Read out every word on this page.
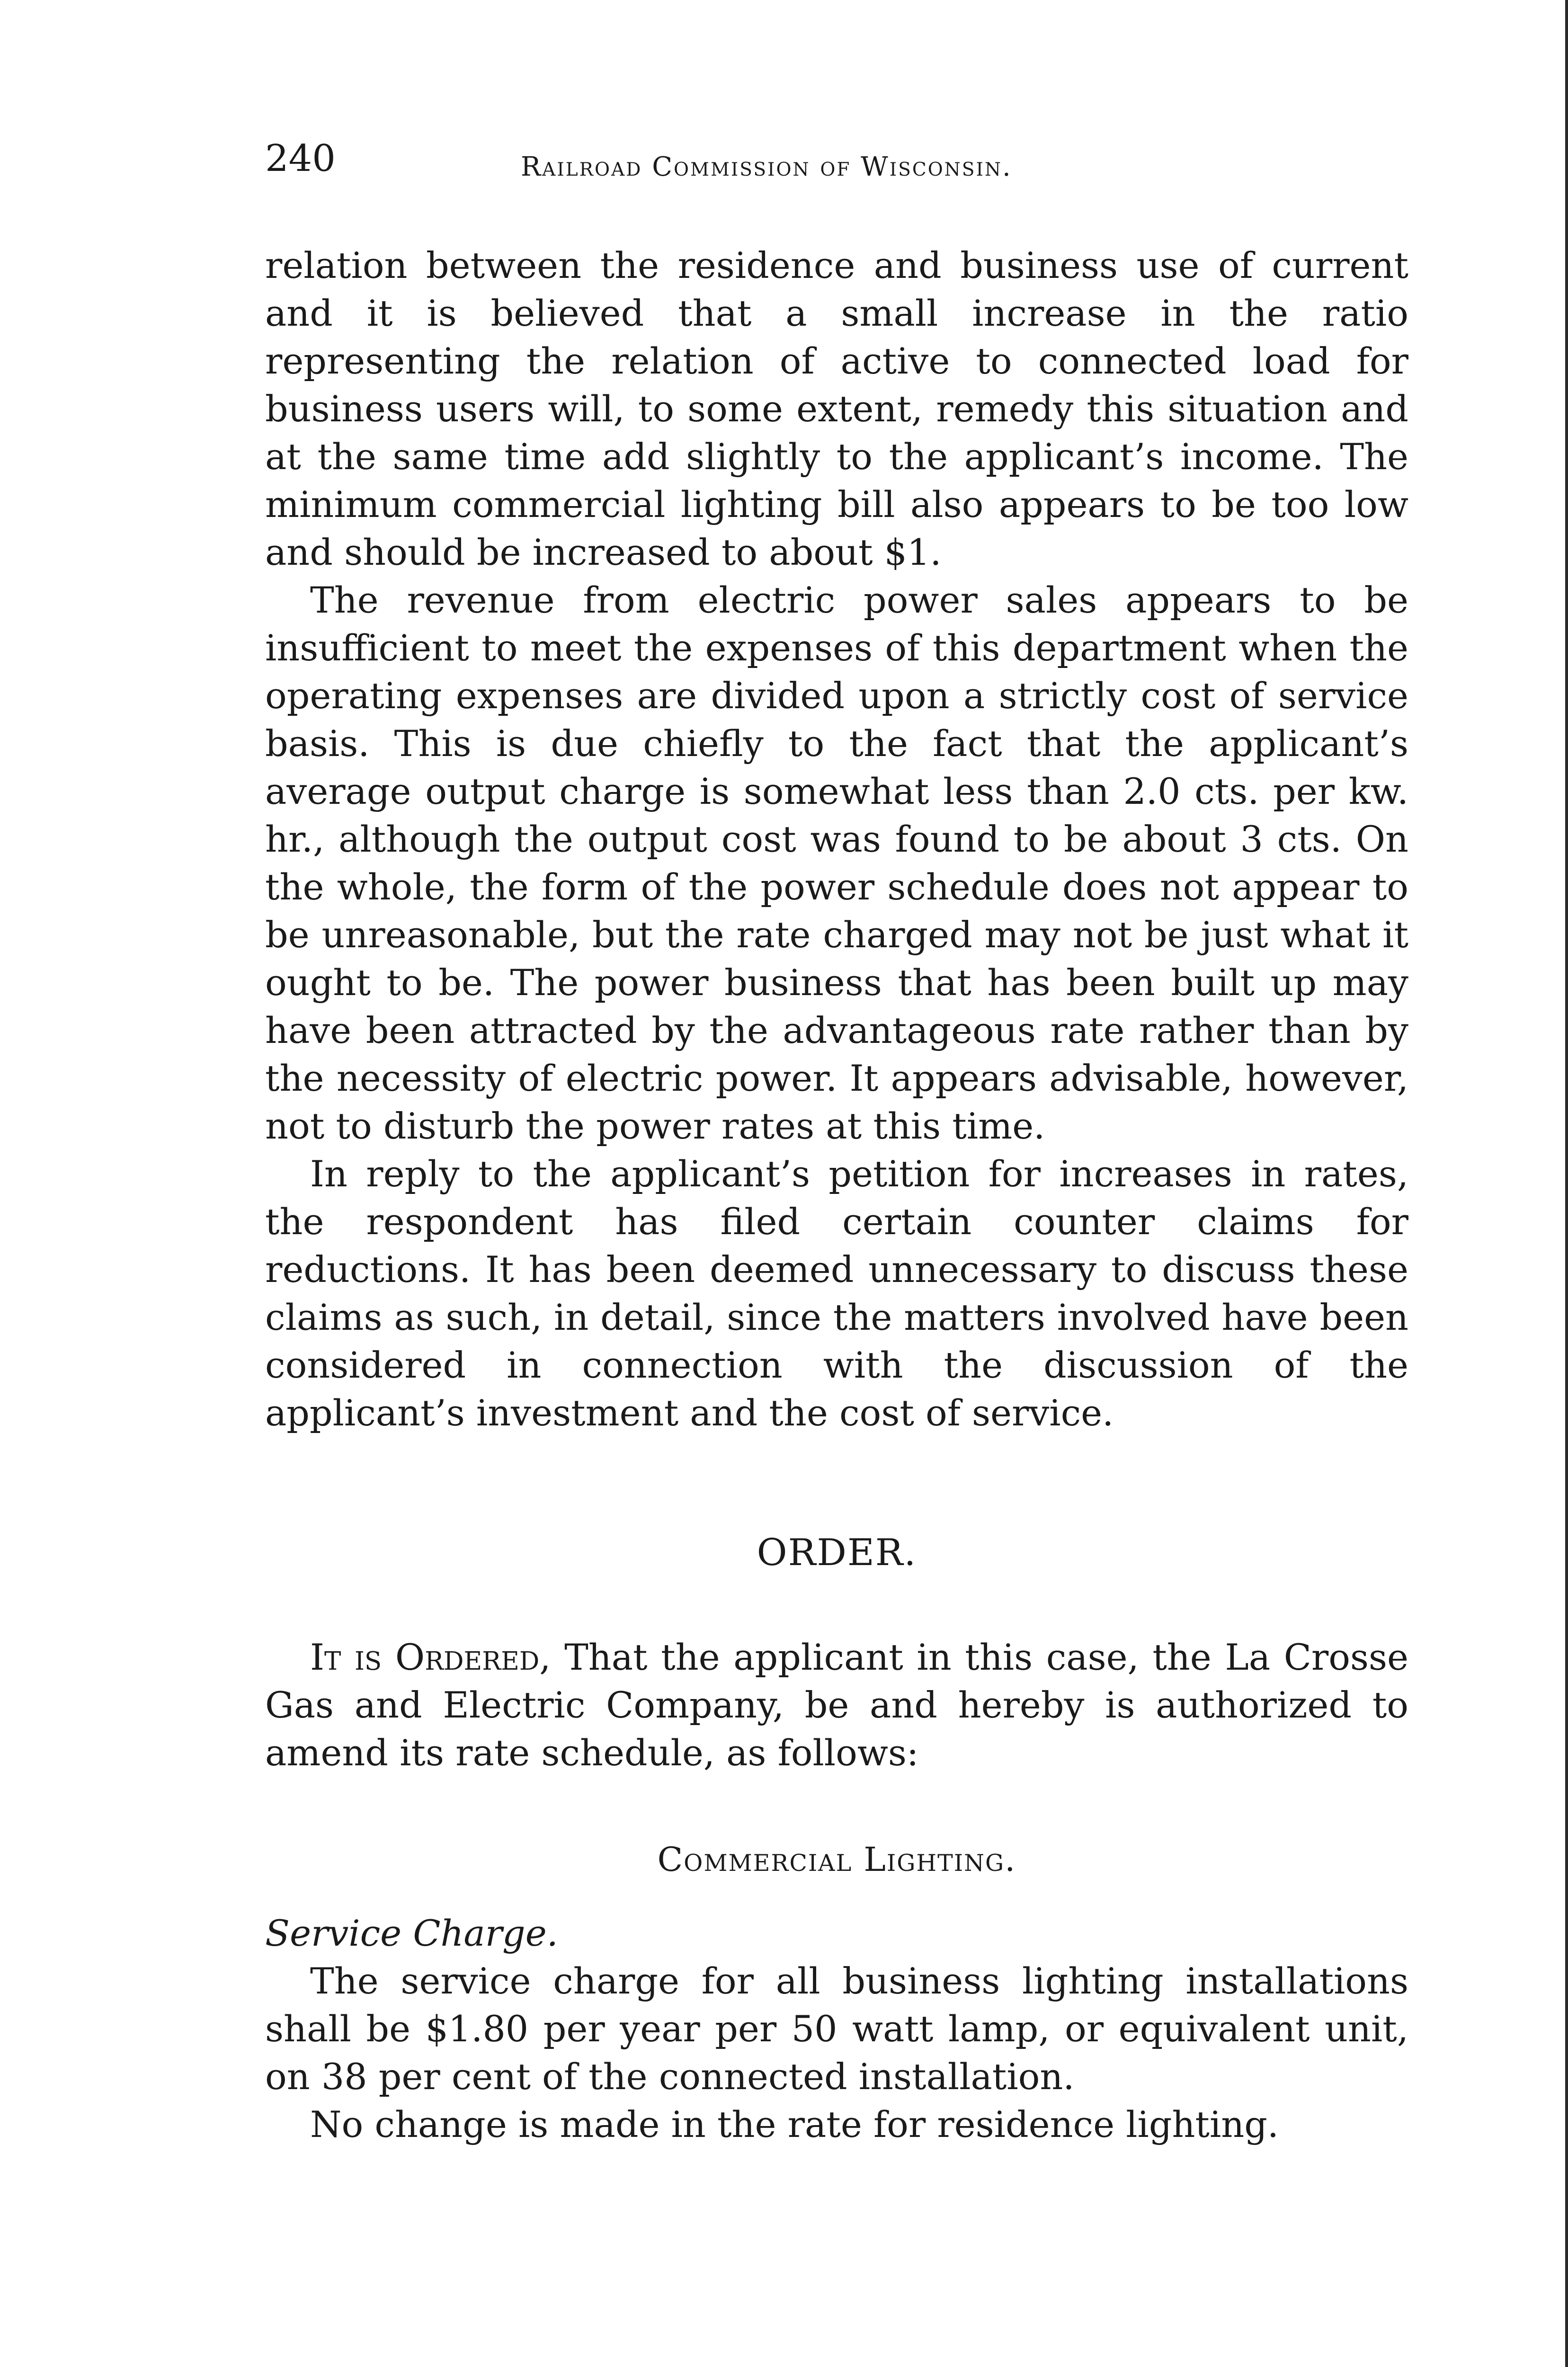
240	Railroad Commission of Wisconsin.

relation between the residence and business use of current and it is believed that a small increase in the ratio representing the relation of active to connected load for business users will, to some extent, remedy this situation and at the same time add slightly to the applicant’s income. The minimum commercial lighting bill also appears to be too low and should be increased to about $1.

The revenue from electric power sales appears to be insufficient to meet the expenses of this department when the operating expenses are divided upon a strictly cost of service basis. This is due chiefly to the fact that the applicant’s average output charge is somewhat less than 2.0 cts. per kw. hr., although the output cost was found to be about 3 cts. On the whole, the form of the power schedule does not appear to be unreasonable, but the rate charged may not be just what it ought to be. The power business that has been built up may have been attracted by the advantageous rate rather than by the necessity of electric power. It appears advisable, however, not to disturb the power rates at this time.

In reply to the applicant’s petition for increases in rates, the respondent has filed certain counter claims for reductions. It has been deemed unnecessary to discuss these claims as such, in detail, since the matters involved have been considered in connection with the discussion of the applicant’s investment and the cost of service.

ORDER.

It is Ordered, That the applicant in this case, the La Crosse Gas and Electric Company, be and hereby is authorized to amend its rate schedule, as follows:

Commercial Lighting.

Service Charge.

The service charge for all business lighting installations shall be $1.80 per year per 50 watt lamp, or equivalent unit, on 38 per cent of the connected installation.

No change is made in the rate for residence lighting.
